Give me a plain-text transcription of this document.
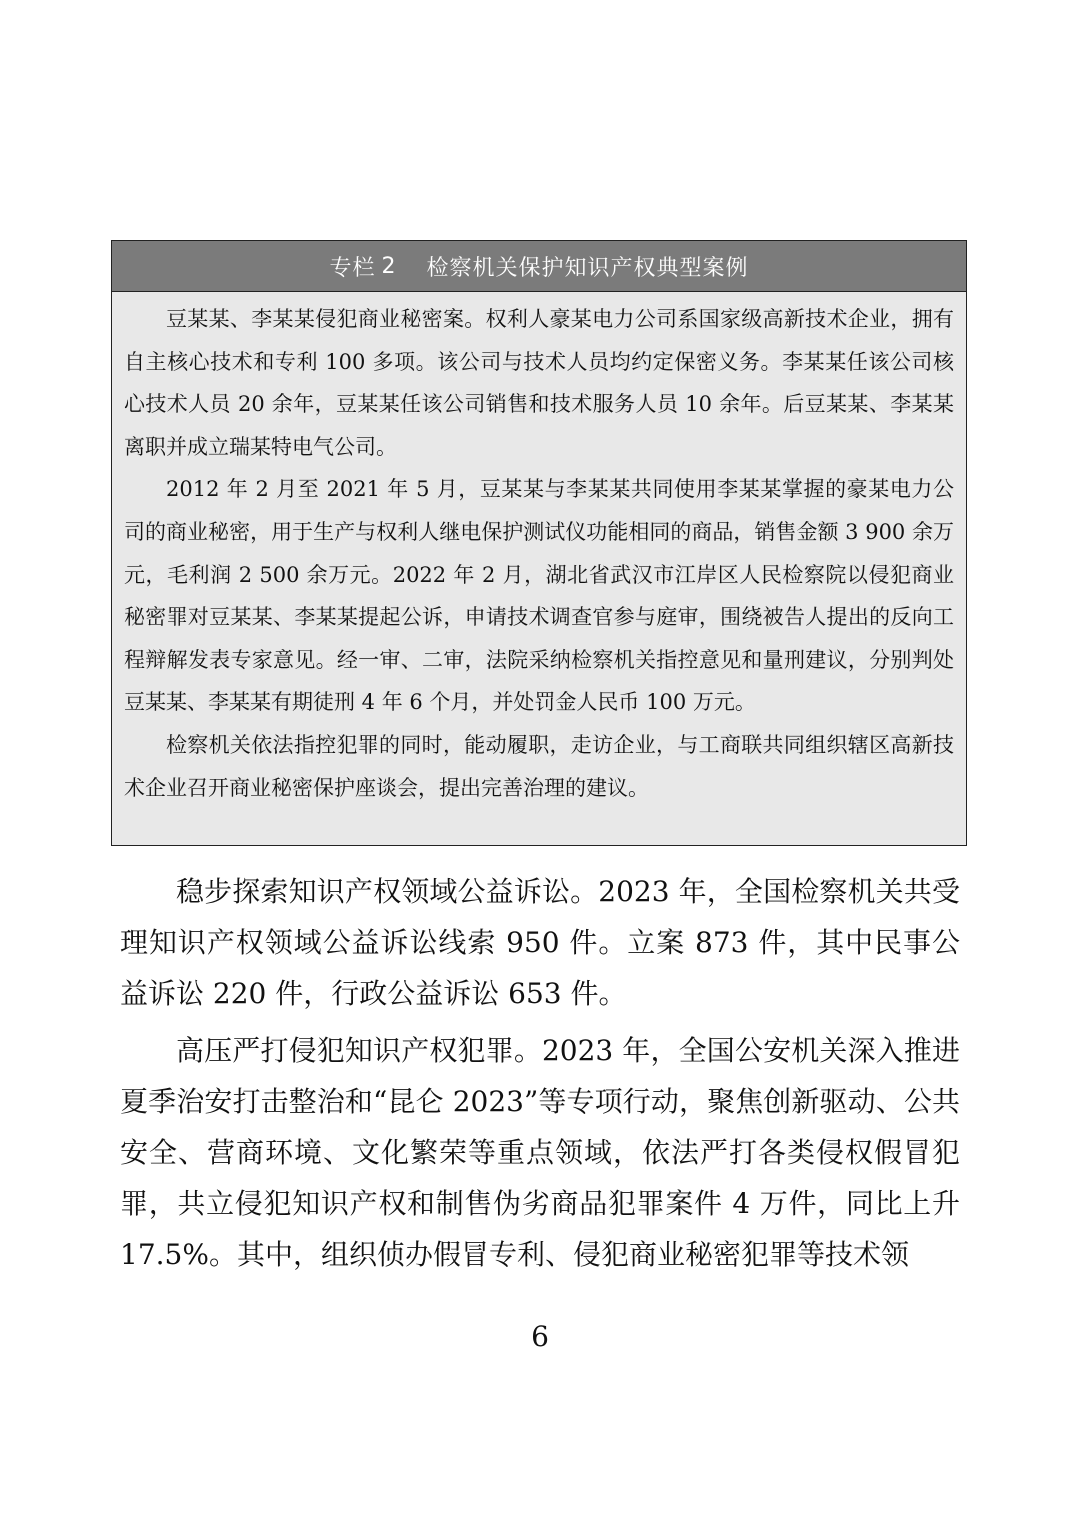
专栏 2 检察机关保护知识产权典型案例

豆某某、李某某侵犯商业秘密案。权利人豪某电力公司系国家级高新技术企业，拥有自主核心技术和专利 100 多项。该公司与技术人员均约定保密义务。李某某任该公司核心技术人员 20 余年，豆某某任该公司销售和技术服务人员 10 余年。后豆某某、李某某离职并成立瑞某特电气公司。

2012 年 2 月至 2021 年 5 月，豆某某与李某某共同使用李某某掌握的豪某电力公司的商业秘密，用于生产与权利人继电保护测试仪功能相同的商品，销售金额 3 900 余万元，毛利润 2 500 余万元。2022 年 2 月，湖北省武汉市江岸区人民检察院以侵犯商业秘密罪对豆某某、李某某提起公诉，申请技术调查官参与庭审，围绕被告人提出的反向工程辩解发表专家意见。经一审、二审，法院采纳检察机关指控意见和量刑建议，分别判处豆某某、李某某有期徒刑 4 年 6 个月，并处罚金人民币 100 万元。

检察机关依法指控犯罪的同时，能动履职，走访企业，与工商联共同组织辖区高新技术企业召开商业秘密保护座谈会，提出完善治理的建议。

稳步探索知识产权领域公益诉讼。2023 年，全国检察机关共受理知识产权领域公益诉讼线索 950 件。立案 873 件，其中民事公益诉讼 220 件，行政公益诉讼 653 件。

高压严打侵犯知识产权犯罪。2023 年，全国公安机关深入推进夏季治安打击整治和“昆仑 2023”等专项行动，聚焦创新驱动、公共安全、营商环境、文化繁荣等重点领域，依法严打各类侵权假冒犯罪，共立侵犯知识产权和制售伪劣商品犯罪案件 4 万件，同比上升 17.5%。其中，组织侦办假冒专利、侵犯商业秘密犯罪等技术领

6
